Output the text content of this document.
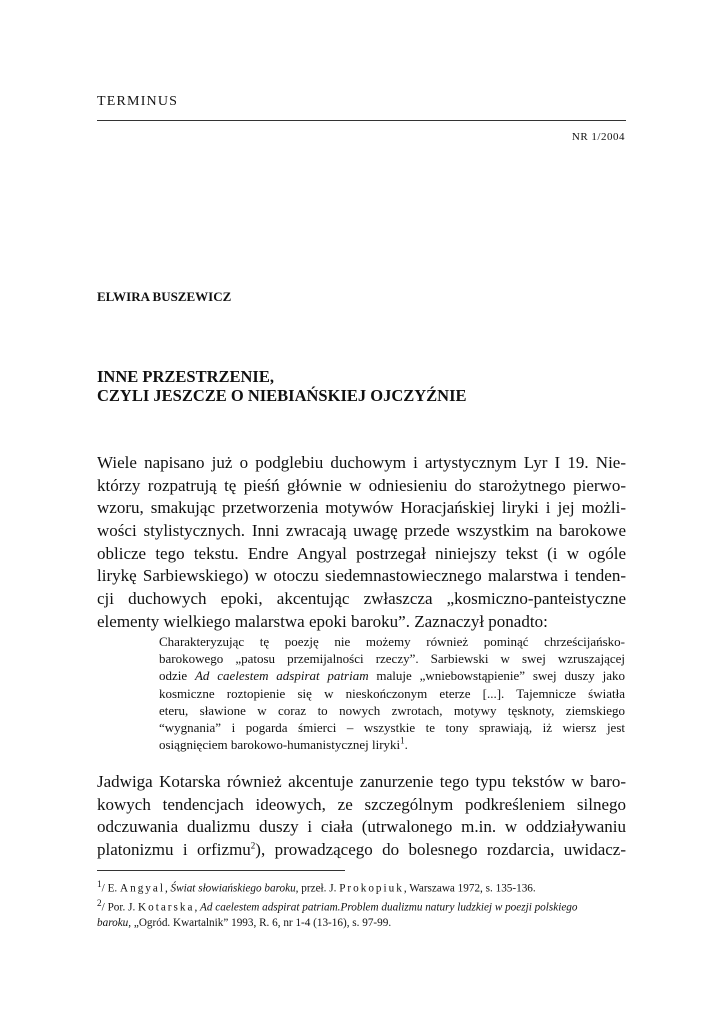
TERMINUS
NR 1/2004
ELWIRA BUSZEWICZ
INNE PRZESTRZENIE,
CZYLI JESZCZE O NIEBIAŃSKIEJ OJCZYŹNIE
Wiele napisano już o podglebiu duchowym i artystycznym Lyr I 19. Nie-
którzy rozpatrują tę pieśń głównie w odniesieniu do starożytnego pierwo-
wzoru, smakując przetworzenia motywów Horacjańskiej liryki i jej możli-
wości stylistycznych. Inni zwracają uwagę przede wszystkim na barokowe
oblicze tego tekstu. Endre Angyal postrzegał niniejszy tekst (i w ogóle
lirykę Sarbiewskiego) w otoczu siedemnastowiecznego malarstwa i tenden-
cji duchowych epoki, akcentując zwłaszcza „kosmiczno-panteistyczne
elementy wielkiego malarstwa epoki baroku”. Zaznaczył ponadto:
Charakteryzując tę poezję nie możemy również pominąć chrześcijańsko-
barokowego „patosu przemijalności rzeczy”. Sarbiewski w swej wzruszającej
odzie Ad caelestem adspirat patriam maluje „wniebowstąpienie” swej duszy jako
kosmiczne roztopienie się w nieskończonym eterze [...]. Tajemnicze światła
eteru, sławione w coraz to nowych zwrotach, motywy tęsknoty, ziemskiego
“wygnania” i pogarda śmierci – wszystkie te tony sprawiają, iż wiersz jest
osiągnięciem barokowo-humanistycznej liryki$^1$.
Jadwiga Kotarska również akcentuje zanurzenie tego typu tekstów w baro-
kowych tendencjach ideowych, ze szczególnym podkreśleniem silnego
odczuwania dualizmu duszy i ciała (utrwalonego m.in. w oddziaływaniu
platonizmu i orfizmu$^2$), prowadzącego do bolesnego rozdarcia, uwidacz-
$^1$/ E. Angyal, Świat słowiańskiego baroku, przeł. J. Prokopiuk, Warszawa 1972, s. 135-136.
$^2$/ Por. J. Kotarska, Ad caelestem adspirat patriam.Problem dualizmu natury ludzkiej w poezji polskiego
baroku, „Ogród. Kwartalnik” 1993, R. 6, nr 1-4 (13-16), s. 97-99.
